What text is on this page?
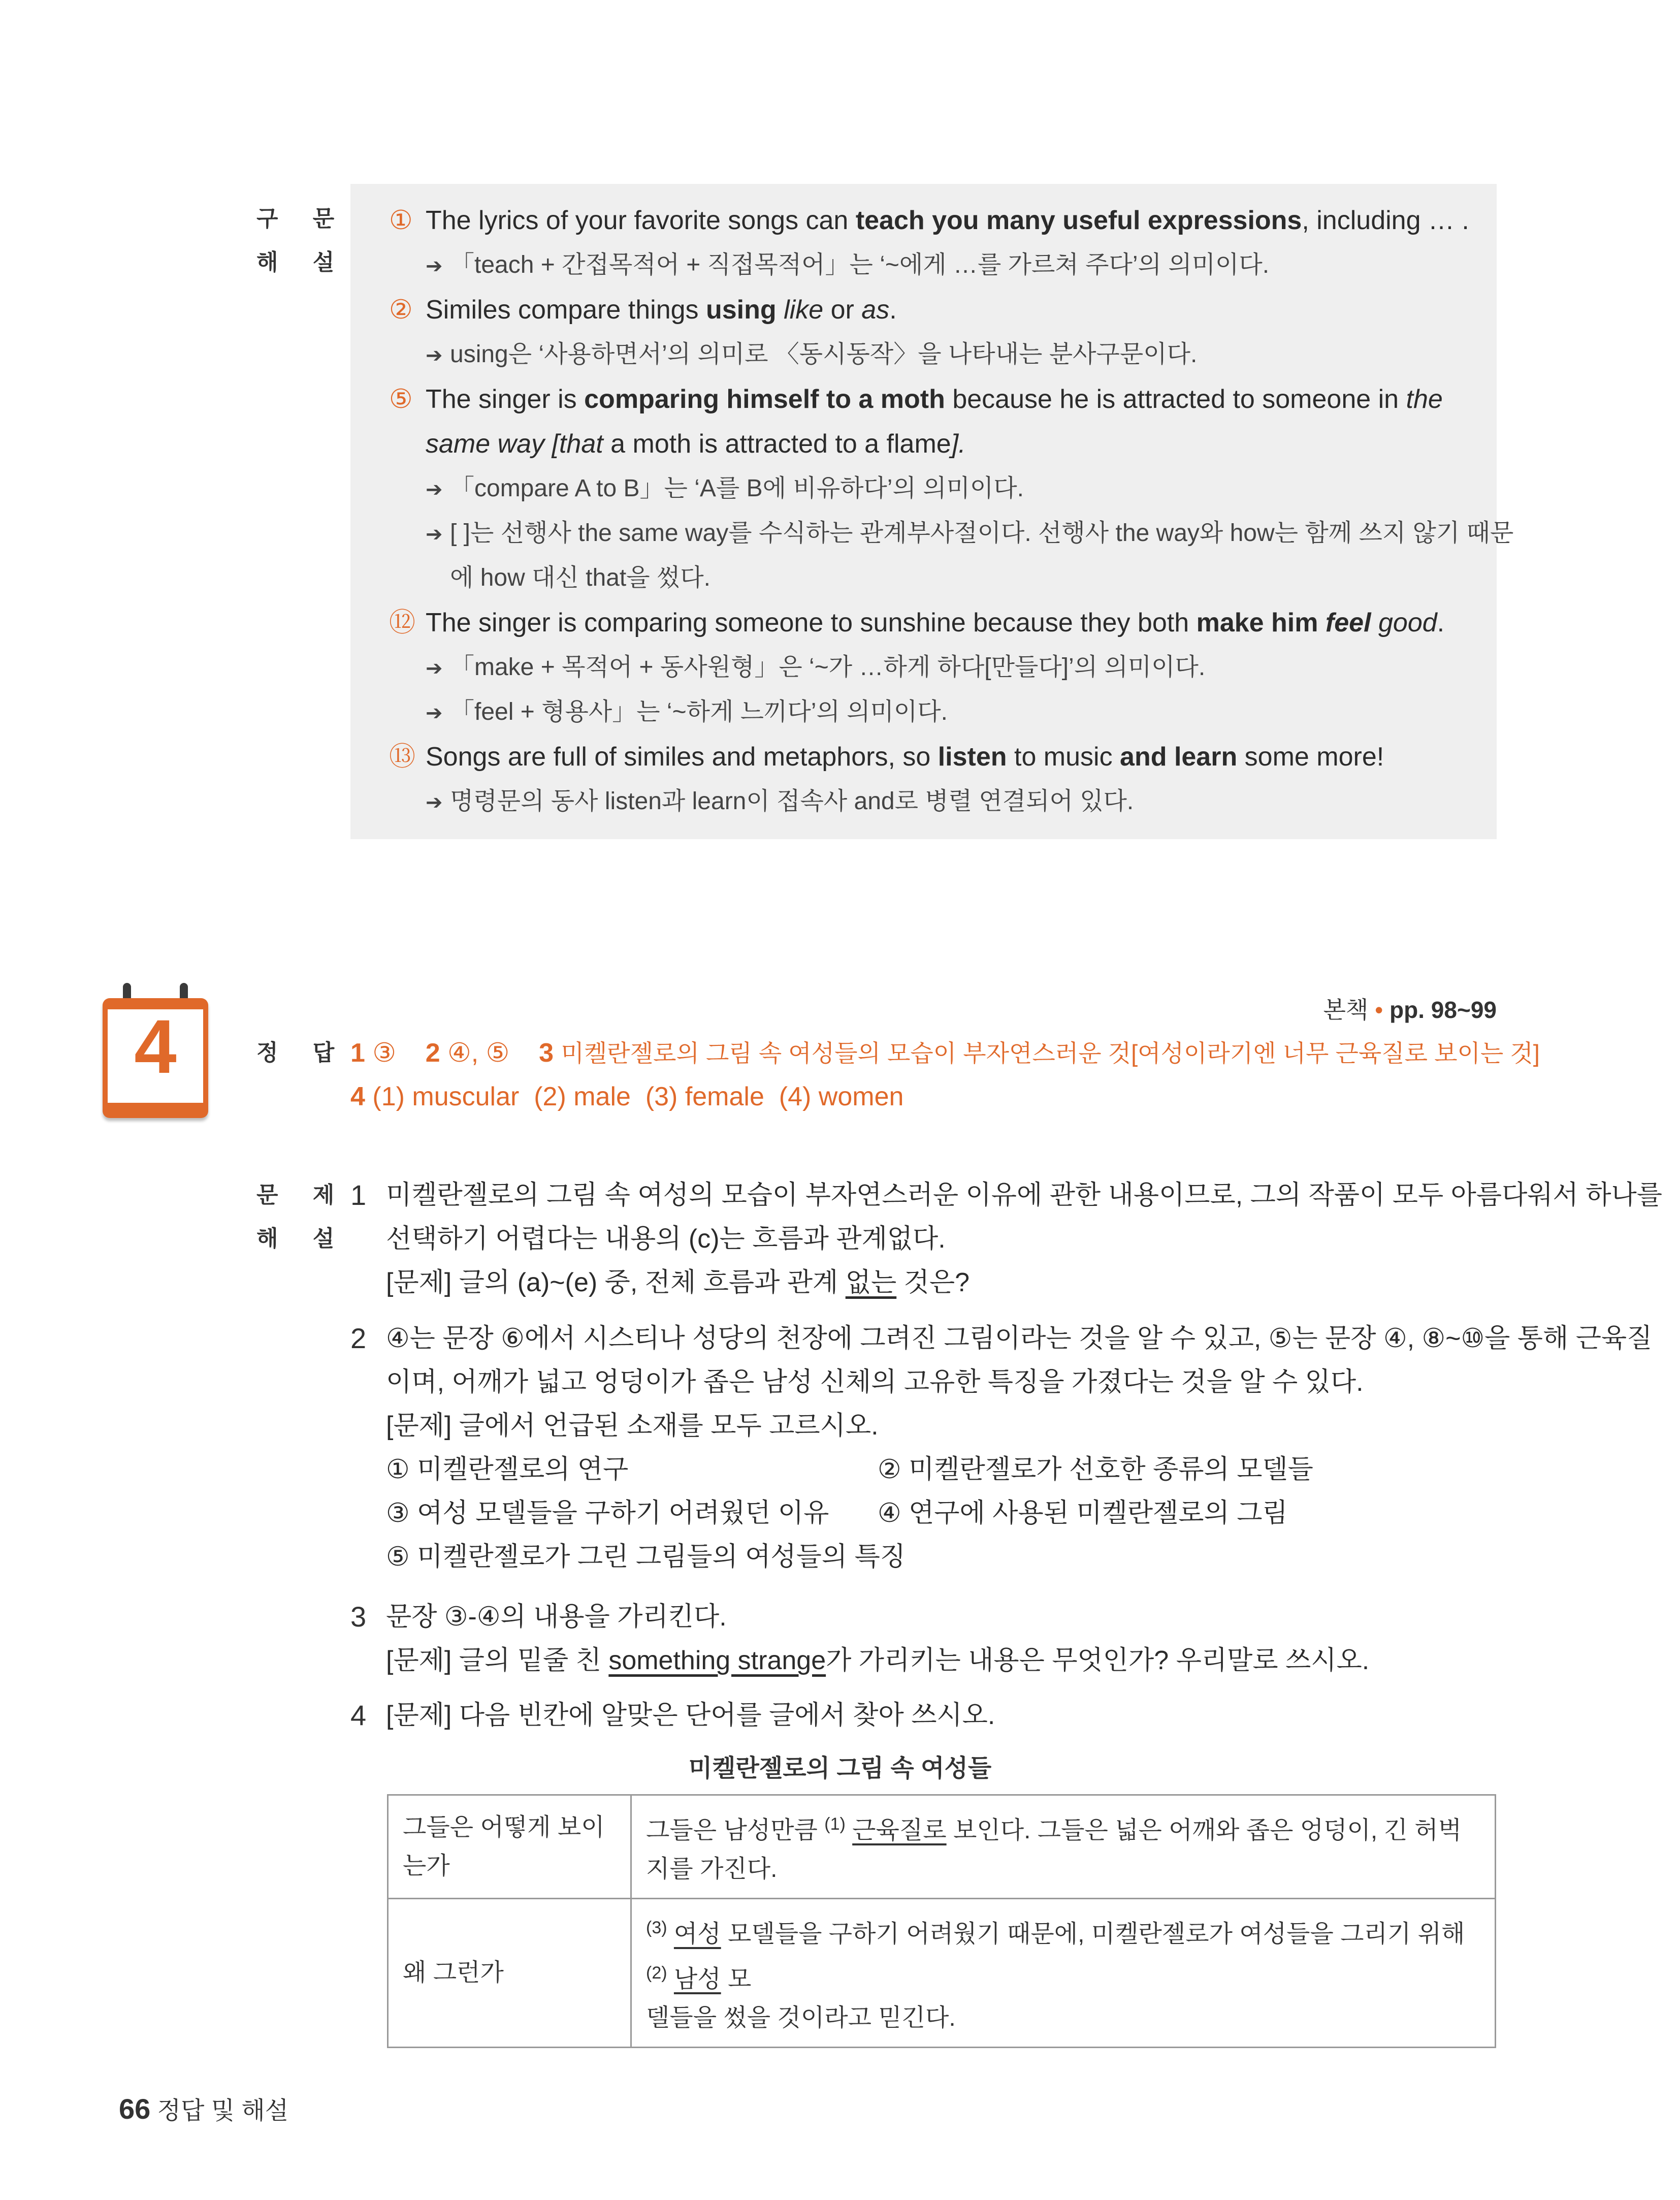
구 문
해 설
① The lyrics of your favorite songs can teach you many useful expressions, including … .
➔ 「teach + 간접목적어 + 직접목적어」는 ‘~에게 …를 가르쳐 주다’의 의미이다.
② Similes compare things using like or as.
➔ using은 ‘사용하면서’의 의미로 〈동시동작〉을 나타내는 분사구문이다.
⑤ The singer is comparing himself to a moth because he is attracted to someone in the
same way [that a moth is attracted to a flame].
➔ 「compare A to B」는 ‘A를 B에 비유하다’의 의미이다.
➔ [ ]는 선행사 the same way를 수식하는 관계부사절이다. 선행사 the way와 how는 함께 쓰지 않기 때문
에 how 대신 that을 썼다.
⑫ The singer is comparing someone to sunshine because they both make him feel good.
➔ 「make + 목적어 + 동사원형」은 ‘~가 …하게 하다[만들다]’의 의미이다.
➔ 「feel + 형용사」는 ‘~하게 느끼다’의 의미이다.
⑬ Songs are full of similes and metaphors, so listen to music and learn some more!
➔ 명령문의 동사 listen과 learn이 접속사 and로 병렬 연결되어 있다.
4	본책 • pp. 98~99
정 답 1 ③ 2 ④, ⑤ 3 미켈란젤로의 그림 속 여성들의 모습이 부자연스러운 것[여성이라기엔 너무 근육질로 보이는 것]
4 (1) muscular  (2) male  (3) female  (4) women
문 제
해 설
1 미켈란젤로의 그림 속 여성의 모습이 부자연스러운 이유에 관한 내용이므로, 그의 작품이 모두 아름다워서 하나를
선택하기 어렵다는 내용의 (c)는 흐름과 관계없다.
[문제] 글의 (a)~(e) 중, 전체 흐름과 관계 없는 것은?
2 ④는 문장 ⑥에서 시스티나 성당의 천장에 그려진 그림이라는 것을 알 수 있고, ⑤는 문장 ④, ⑧~⑩을 통해 근육질
이며, 어깨가 넓고 엉덩이가 좁은 남성 신체의 고유한 특징을 가졌다는 것을 알 수 있다.
[문제] 글에서 언급된 소재를 모두 고르시오.
① 미켈란젤로의 연구	② 미켈란젤로가 선호한 종류의 모델들
③ 여성 모델들을 구하기 어려웠던 이유 ④ 연구에 사용된 미켈란젤로의 그림
⑤ 미켈란젤로가 그린 그림들의 여성들의 특징
3 문장 ③-④의 내용을 가리킨다.
[문제] 글의 밑줄 친 something strange가 가리키는 내용은 무엇인가? 우리말로 쓰시오.
4 [문제] 다음 빈칸에 알맞은 단어를 글에서 찾아 쓰시오.
미켈란젤로의 그림 속 여성들
그들은 어떻게 보이는가	그들은 남성만큼 $^{(1)}$ 근육질로 보인다. 그들은 넓은 어깨와 좁은 엉덩이, 긴 허벅지를 가진다.
왜 그런가	$^{(3)}$ 여성 모델들을 구하기 어려웠기 때문에, 미켈란젤로가 여성들을 그리기 위해 $^{(2)}$ 남성 모
델들을 썼을 것이라고 믿긴다.
66 정답 및 해설
